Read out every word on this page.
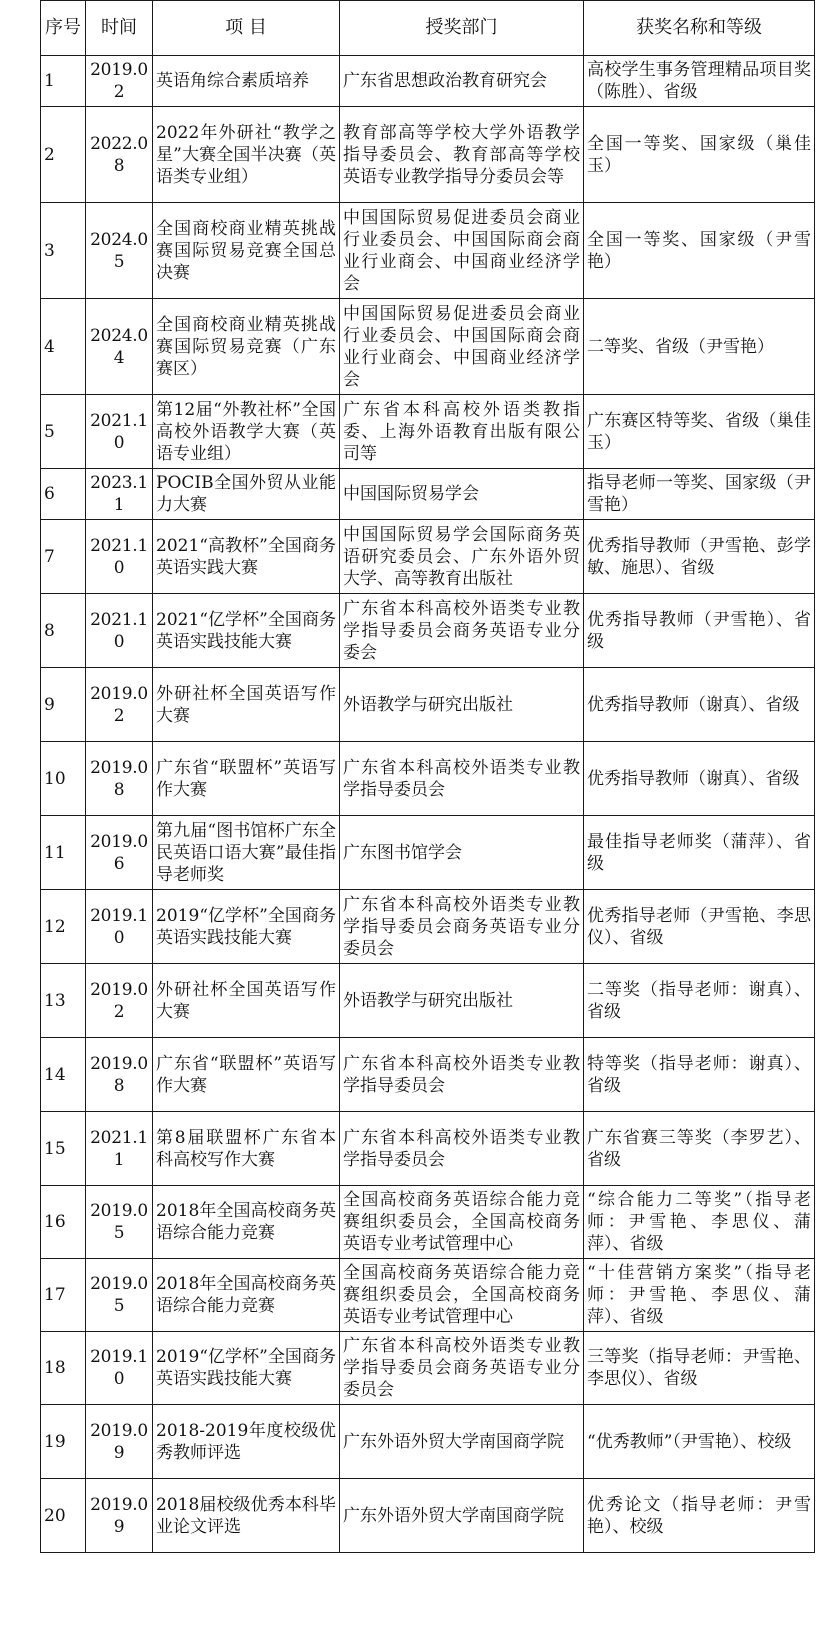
序号	时间	项 目	授奖部门	获奖名称和等级
1	2019.02	英语角综合素质培养	广东省思想政治教育研究会	高校学生事务管理精品项目奖（陈胜）、省级
2	2022.08	2022年外研社“教学之星”大赛全国半决赛（英语类专业组）	教育部高等学校大学外语教学指导委员会、教育部高等学校英语专业教学指导分委员会等	全国一等奖、国家级（巢佳玉）
3	2024.05	全国商校商业精英挑战赛国际贸易竞赛全国总决赛	中国国际贸易促进委员会商业行业委员会、中国国际商会商业行业商会、中国商业经济学会	全国一等奖、国家级（尹雪艳）
4	2024.04	全国商校商业精英挑战赛国际贸易竞赛（广东赛区）	中国国际贸易促进委员会商业行业委员会、中国国际商会商业行业商会、中国商业经济学会	二等奖、省级（尹雪艳）
5	2021.10	第12届“外教社杯”全国高校外语教学大赛（英语专业组）	广东省本科高校外语类教指委、上海外语教育出版有限公司等	广东赛区特等奖、省级（巢佳玉）
6	2023.11	POCIB全国外贸从业能力大赛	中国国际贸易学会	指导老师一等奖、国家级（尹雪艳）
7	2021.10	2021“高教杯”全国商务英语实践大赛	中国国际贸易学会国际商务英语研究委员会、广东外语外贸大学、高等教育出版社	优秀指导教师（尹雪艳、彭学敏、施思）、省级
8	2021.10	2021“亿学杯”全国商务英语实践技能大赛	广东省本科高校外语类专业教学指导委员会商务英语专业分委会	优秀指导教师（尹雪艳）、省级
9	2019.02	外研社杯全国英语写作大赛	外语教学与研究出版社	优秀指导教师（谢真）、省级
10	2019.08	广东省“联盟杯”英语写作大赛	广东省本科高校外语类专业教学指导委员会	优秀指导教师（谢真）、省级
11	2019.06	第九届“图书馆杯广东全民英语口语大赛”最佳指导老师奖	广东图书馆学会	最佳指导老师奖（蒲萍）、省级
12	2019.10	2019“亿学杯”全国商务英语实践技能大赛	广东省本科高校外语类专业教学指导委员会商务英语专业分委员会	优秀指导老师（尹雪艳、李思仪）、省级
13	2019.02	外研社杯全国英语写作大赛	外语教学与研究出版社	二等奖（指导老师：谢真）、省级
14	2019.08	广东省“联盟杯”英语写作大赛	广东省本科高校外语类专业教学指导委员会	特等奖（指导老师：谢真）、省级
15	2021.11	第8届联盟杯广东省本科高校写作大赛	广东省本科高校外语类专业教学指导委员会	广东省赛三等奖（李罗艺）、省级
16	2019.05	2018年全国高校商务英语综合能力竞赛	全国高校商务英语综合能力竞赛组织委员会，全国高校商务英语专业考试管理中心	“综合能力二等奖”（指导老师：尹雪艳、李思仪、蒲萍）、省级
17	2019.05	2018年全国高校商务英语综合能力竞赛	全国高校商务英语综合能力竞赛组织委员会，全国高校商务英语专业考试管理中心	“十佳营销方案奖”（指导老师：尹雪艳、李思仪、蒲萍）、省级
18	2019.10	2019“亿学杯”全国商务英语实践技能大赛	广东省本科高校外语类专业教学指导委员会商务英语专业分委员会	三等奖（指导老师：尹雪艳、李思仪）、省级
19	2019.09	2018-2019年度校级优秀教师评选	广东外语外贸大学南国商学院	“优秀教师”（尹雪艳）、校级
20	2019.09	2018届校级优秀本科毕业论文评选	广东外语外贸大学南国商学院	优秀论文（指导老师：尹雪艳）、校级
